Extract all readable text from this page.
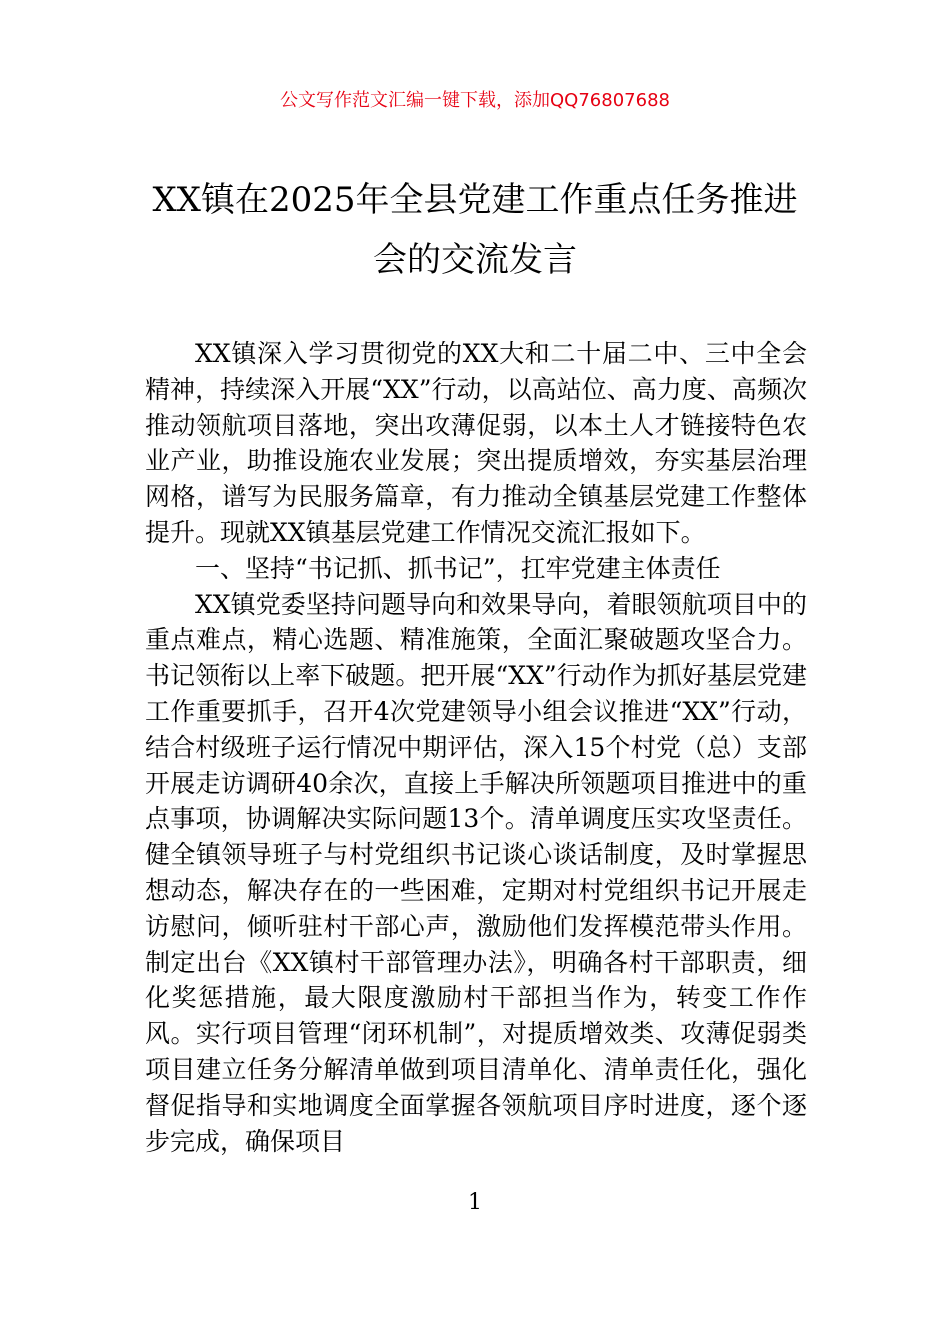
公文写作范文汇编一键下载，添加QQ76807688
XX镇在2025年全县党建工作重点任务推进会的交流发言

XX镇深入学习贯彻党的XX大和二十届二中、三中全会精神，持续深入开展“XX”行动，以高站位、高力度、高频次推动领航项目落地，突出攻薄促弱，以本土人才链接特色农业产业，助推设施农业发展；突出提质增效，夯实基层治理网格，谱写为民服务篇章，有力推动全镇基层党建工作整体提升。现就XX镇基层党建工作情况交流汇报如下。

一、坚持“书记抓、抓书记”，扛牢党建主体责任

XX镇党委坚持问题导向和效果导向，着眼领航项目中的重点难点，精心选题、精准施策，全面汇聚破题攻坚合力。书记领衔以上率下破题。把开展“XX”行动作为抓好基层党建工作重要抓手，召开4次党建领导小组会议推进“XX”行动，结合村级班子运行情况中期评估，深入15个村党（总）支部开展走访调研40余次，直接上手解决所领题项目推进中的重点事项，协调解决实际问题13个。清单调度压实攻坚责任。健全镇领导班子与村党组织书记谈心谈话制度，及时掌握思想动态，解决存在的一些困难，定期对村党组织书记开展走访慰问，倾听驻村干部心声，激励他们发挥模范带头作用。制定出台《XX镇村干部管理办法》，明确各村干部职责，细化奖惩措施，最大限度激励村干部担当作为，转变工作作风。实行项目管理“闭环机制”，对提质增效类、攻薄促弱类项目建立任务分解清单做到项目清单化、清单责任化，强化督促指导和实地调度全面掌握各领航项目序时进度，逐个逐步完成，确保项目

1
